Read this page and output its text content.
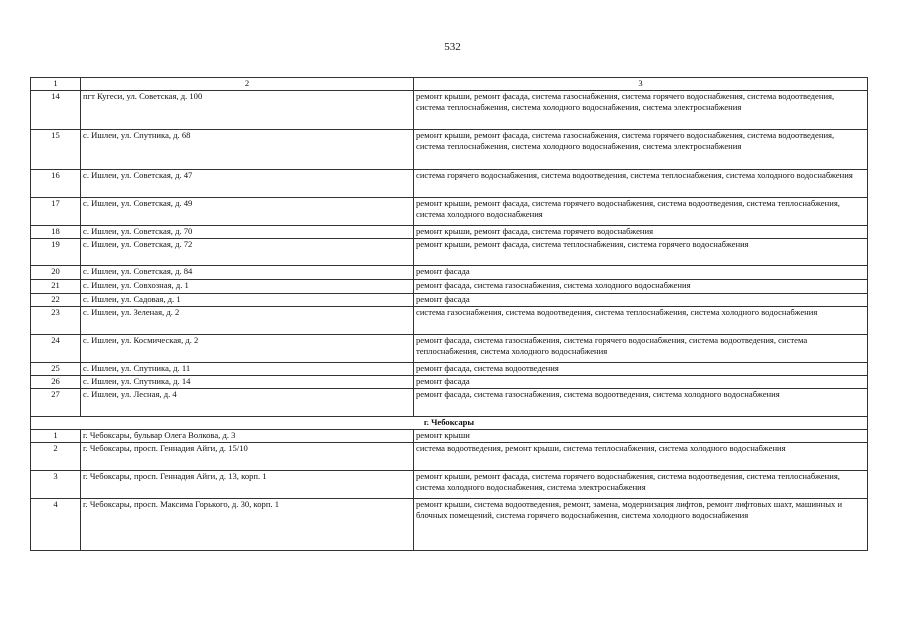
532
1	2	3
14	пгт Кугеси, ул. Советская, д. 100	ремонт крыши, ремонт фасада, система газоснабжения, система горячего водоснабжения, система водоотведения, система теплоснабжения, система холодного водоснабжения, система электроснабжения
15	с. Ишлеи, ул. Спутника, д. 68	ремонт крыши, ремонт фасада, система газоснабжения, система горячего водоснабжения, система водоотведения, система теплоснабжения, система холодного водоснабжения, система электроснабжения
16	с. Ишлеи, ул. Советская, д. 47	система горячего водоснабжения, система водоотведения, система теплоснабжения, система холодного водоснабжения
17	с. Ишлеи, ул. Советская, д. 49	ремонт крыши, ремонт фасада, система горячего водоснабжения, система водоотведения, система теплоснабжения, система холодного водоснабжения
18	с. Ишлеи, ул. Советская, д. 70	ремонт крыши, ремонт фасада, система горячего водоснабжения
19	с. Ишлеи, ул. Советская, д. 72	ремонт крыши, ремонт фасада, система теплоснабжения, система горячего водоснабжения
20	с. Ишлеи, ул. Советская, д. 84	ремонт фасада
21	с. Ишлеи, ул. Совхозная, д. 1	ремонт фасада, система газоснабжения, система холодного водоснабжения
22	с. Ишлеи, ул. Садовая, д. 1	ремонт фасада
23	с. Ишлеи, ул. Зеленая, д. 2	система газоснабжения, система водоотведения, система теплоснабжения, система холодного водоснабжения
24	с. Ишлеи, ул. Космическая, д. 2	ремонт фасада, система газоснабжения, система горячего водоснабжения, система водоотведения, система теплоснабжения, система холодного водоснабжения
25	с. Ишлеи, ул. Спутника, д. 11	ремонт фасада, система водоотведения
26	с. Ишлеи, ул. Спутника, д. 14	ремонт фасада
27	с. Ишлеи, ул. Лесная, д. 4	ремонт фасада, система газоснабжения, система водоотведения, система холодного водоснабжения
г. Чебоксары		
1	г. Чебоксары, бульвар Олега Волкова, д. 3	ремонт крыши
2	г. Чебоксары, просп. Геннадия Айги, д. 15/10	система водоотведения, ремонт крыши, система теплоснабжения, система холодного водоснабжения
3	г. Чебоксары, просп. Геннадия Айги, д. 13, корп. 1	ремонт крыши, ремонт фасада, система горячего водоснабжения, система водоотведения, система теплоснабжения, система холодного водоснабжения, система электроснабжения
4	г. Чебоксары, просп. Максима Горького, д. 30, корп. 1	ремонт крыши, система водоотведения, ремонт, замена, модернизация лифтов, ремонт лифтовых шахт, машинных и блочных помещений, система горячего водоснабжения, система холодного водоснабжения
